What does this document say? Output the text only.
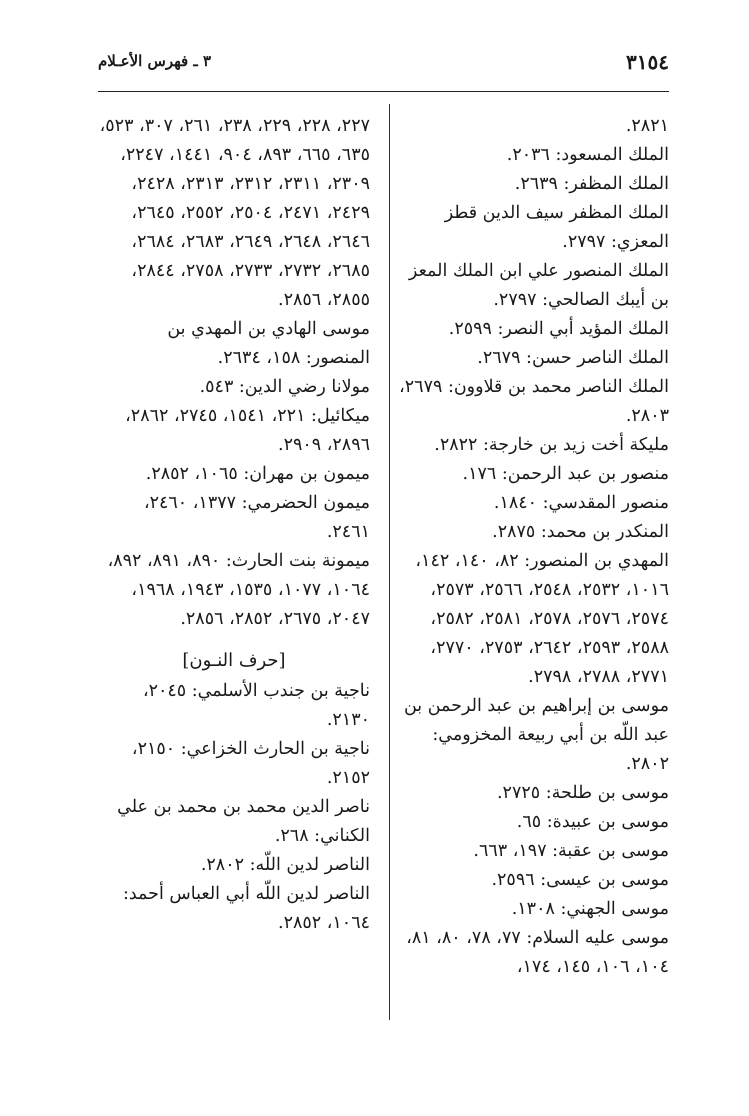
٣١٥٤
٣ ـ فهرس الأعـلام

٢٨٢١.

الملك المسعود: ٢٠٣٦.

الملك المظفر: ٢٦٣٩.

الملك المظفر سيف الدين قطز المعزي: ٢٧٩٧.

الملك المنصور علي ابن الملك المعز بن أيبك الصالحي: ٢٧٩٧.

الملك المؤيد أبي النصر: ٢٥٩٩.

الملك الناصر حسن: ٢٦٧٩.

الملك الناصر محمد بن قلاوون: ٢٦٧٩، ٢٨٠٣.

مليكة أخت زيد بن خارجة: ٢٨٢٢.

منصور بن عبد الرحمن: ١٧٦.

منصور المقدسي: ١٨٤٠.

المنكدر بن محمد: ٢٨٧٥.

المهدي بن المنصور: ٨٢، ١٤٠، ١٤٢، ١٠١٦، ٢٥٣٢، ٢٥٤٨، ٢٥٦٦، ٢٥٧٣، ٢٥٧٤، ٢٥٧٦، ٢٥٧٨، ٢٥٨١، ٢٥٨٢، ٢٥٨٨، ٢٥٩٣، ٢٦٤٢، ٢٧٥٣، ٢٧٧٠، ٢٧٧١، ٢٧٨٨، ٢٧٩٨.

موسى بن إبراهيم بن عبد الرحمن بن عبد اللّه بن أبي ربيعة المخزومي: ٢٨٠٢.

موسى بن طلحة: ٢٧٢٥.

موسى بن عبيدة: ٦٥.

موسى بن عقبة: ١٩٧، ٦٦٣.

موسى بن عيسى: ٢٥٩٦.

موسى الجهني: ١٣٠٨.

موسى عليه السلام: ٧٧، ٧٨، ٨٠، ٨١، ١٠٤، ١٠٦، ١٤٥، ١٧٤،

٢٢٧، ٢٢٨، ٢٢٩، ٢٣٨، ٢٦١، ٣٠٧، ٥٢٣، ٦٣٥، ٦٦٥، ٨٩٣، ٩٠٤، ١٤٤١، ٢٢٤٧، ٢٣٠٩، ٢٣١١، ٢٣١٢، ٢٣١٣، ٢٤٢٨، ٢٤٢٩، ٢٤٧١، ٢٥٠٤، ٢٥٥٢، ٢٦٤٥، ٢٦٤٦، ٢٦٤٨، ٢٦٤٩، ٢٦٨٣، ٢٦٨٤، ٢٦٨٥، ٢٧٣٢، ٢٧٣٣، ٢٧٥٨، ٢٨٤٤، ٢٨٥٥، ٢٨٥٦.

موسى الهادي بن المهدي بن المنصور: ١٥٨، ٢٦٣٤.

مولانا رضي الدين: ٥٤٣.

ميكائيل: ٢٢١، ١٥٤١، ٢٧٤٥، ٢٨٦٢، ٢٨٩٦، ٢٩٠٩.

ميمون بن مهران: ١٠٦٥، ٢٨٥٢.

ميمون الحضرمي: ١٣٧٧، ٢٤٦٠، ٢٤٦١.

ميمونة بنت الحارث: ٨٩٠، ٨٩١، ٨٩٢، ١٠٦٤، ١٠٧٧، ١٥٣٥، ١٩٤٣، ١٩٦٨، ٢٠٤٧، ٢٦٧٥، ٢٨٥٢، ٢٨٥٦.

[حرف النـون]

ناجية بن جندب الأسلمي: ٢٠٤٥، ٢١٣٠.

ناجية بن الحارث الخزاعي: ٢١٥٠، ٢١٥٢.

ناصر الدين محمد بن محمد بن علي الكناني: ٢٦٨.

الناصر لدين اللّه: ٢٨٠٢.

الناصر لدين اللّه أبي العباس أحمد: ١٠٦٤، ٢٨٥٢.
